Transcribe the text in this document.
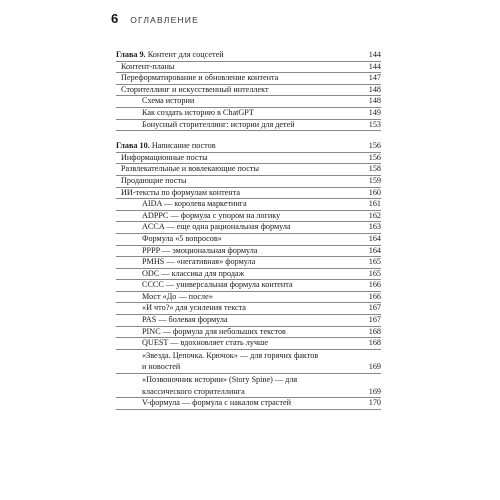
6 ОГЛАВЛЕНИЕ
Глава 9. Контент для соцсетей	144
Контент-планы	144
Переформатирование и обновление контента	147
Сторителлинг и искусственный интеллект	148
Схема истории	148
Как создать историю в ChatGPT	149
Бонусный сторителлинг: истории для детей	153
Глава 10. Написание постов	156
Информационные посты	156
Развлекательные и вовлекающие посты	158
Продающие посты	159
ИИ-тексты по формулам контента	160
AIDA — королева маркетинга	161
ADPPC — формула с упором на логику	162
ACCA — еще одна рациональная формула	163
Формула «5 вопросов»	164
PPPP — эмоциональная формула	164
PMHS — «негативная» формула	165
ODC — классика для продаж	165
CCCC — универсальная формула контента	166
Мост «До — после»	166
«И что?» для усиления текста	167
PAS — болевая формула	167
PINC — формула для небольших текстов	168
QUEST — вдохновляет стать лучше	168
«Звезда. Цепочка. Крючок» — для горячих фактов и новостей	169
«Позвоночник истории» (Story Spine) — для классического сторителлинга	169
V-формула — формула с накалом страстей	170
